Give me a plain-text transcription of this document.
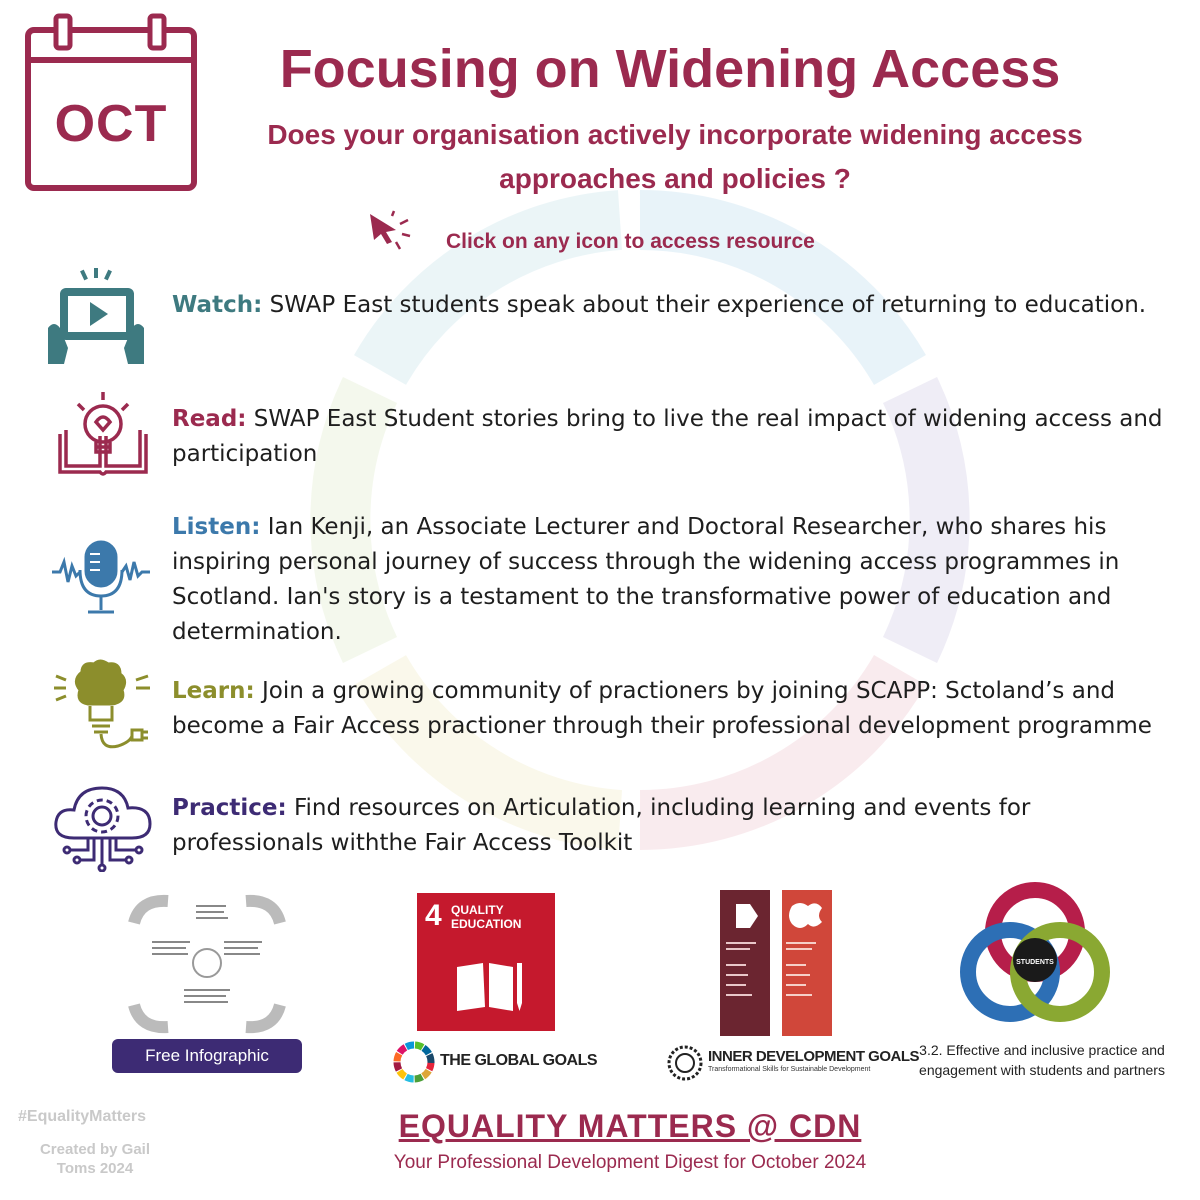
OCT
Focusing on Widening Access
Does your organisation actively incorporate widening access approaches and policies ?
Click on any icon to access resource
Watch: SWAP East students speak about their experience of returning to education.
Read: SWAP East Student stories bring to live the real impact of widening access and participation
Listen: Ian Kenji, an Associate Lecturer and Doctoral Researcher, who shares his inspiring personal journey of success through the widening access programmes in Scotland. Ian's story is a testament to the transformative power of education and determination.
Learn: Join a growing community of practioners by joining SCAPP: Sctoland’s and become a Fair Access practioner through their professional development programme
Practice: Find resources on Articulation, including learning and events for professionals withthe Fair Access Toolkit
Free Infographic
4 QUALITY EDUCATION
THE GLOBAL GOALS	INNER DEVELOPMENT GOALS
Transformational Skills for Sustainable Development
STUDENTS
3.2. Effective and inclusive practice and engagement with students and partners
#EqualityMatters
Created by Gail Toms 2024
EQUALITY MATTERS @ CDN
Your Professional Development Digest for October 2024
